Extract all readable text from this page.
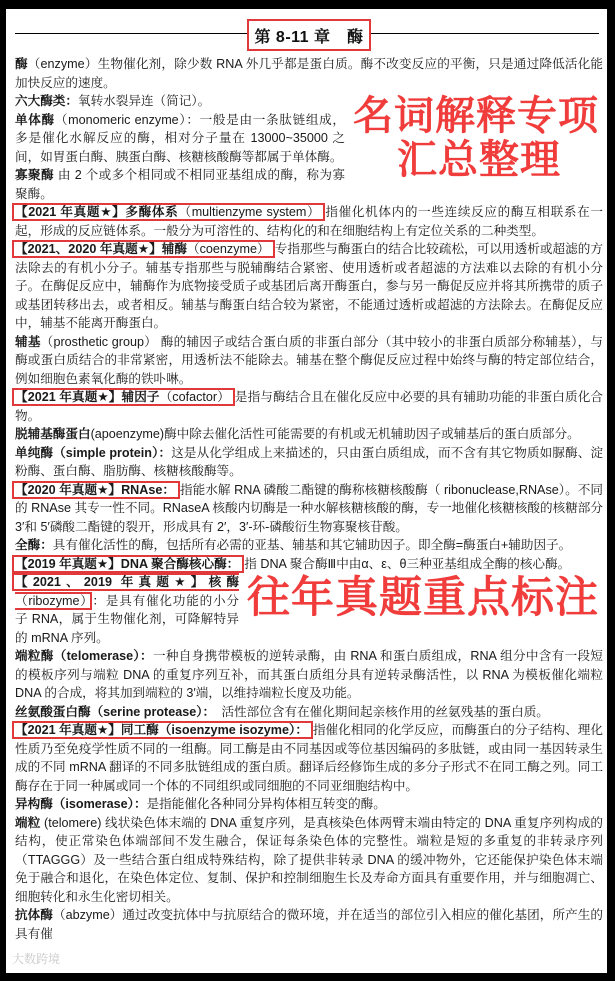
第 8-11 章　酶

酶（enzyme）生物催化剂，除少数 RNA 外几乎都是蛋白质。酶不改变反应的平衡，只是通过降低活化能加快反应的速度。

名词解释专项
汇总整理

六大酶类：氧转水裂异连（简记）。

单体酶（monomeric enzyme）：一般是由一条肽链组成，多是催化水解反应的酶，相对分子量在 13000~35000 之间，如胃蛋白酶、胰蛋白酶、核糖核酸酶等都属于单体酶。

寡聚酶 由 2 个或多个相同或不相同亚基组成的酶，称为寡聚酶。

【2021 年真题★】多酶体系（multienzyme system） 指催化机体内的一些连续反应的酶互相联系在一起，形成的反应链体系。一般分为可溶性的、结构化的和在细胞结构上有定位关系的二种类型。

【2021、2020 年真题★】辅酶（coenzyme） 专指那些与酶蛋白的结合比较疏松，可以用透析或超滤的方法除去的有机小分子。辅基专指那些与脱辅酶结合紧密、使用透析或者超滤的方法难以去除的有机小分子。在酶促反应中，辅酶作为底物接受质子或基团后离开酶蛋白，参与另一酶促反应并将其所携带的质子或基团转移出去，或者相反。辅基与酶蛋白结合较为紧密，不能通过透析或超滤的方法除去。在酶促反应中，辅基不能离开酶蛋白。

辅基（prosthetic group） 酶的辅因子或结合蛋白质的非蛋白部分（其中较小的非蛋白质部分称辅基），与酶或蛋白质结合的非常紧密，用透析法不能除去。辅基在整个酶促反应过程中始终与酶的特定部位结合，例如细胞色素氧化酶的铁卟啉。

【2021 年真题★】辅因子（cofactor） 是指与酶结合且在催化反应中必要的具有辅助功能的非蛋白质化合物。

脱辅基酶蛋白(apoenzyme)酶中除去催化活性可能需要的有机或无机辅助因子或辅基后的蛋白质部分。

单纯酶（simple protein）：这是从化学组成上来描述的，只由蛋白质组成，而不含有其它物质如脲酶、淀粉酶、蛋白酶、脂肪酶、核糖核酸酶等。

【2020 年真题★】RNAse： 指能水解 RNA 磷酸二酯键的酶称核糖核酸酶（ ribonuclease,RNAse）。不同的 RNAse 其专一性不同。RNaseA 核酸内切酶是一种水解核糖核酸的酶，专一地催化核糖核酸的核糖部分 3′和 5′磷酸二酯键的裂开，形成具有 2′，3′-环-磷酸衍生物寡聚核苷酸。

全酶：具有催化活性的酶，包括所有必需的亚基、辅基和其它辅助因子。即全酶=酶蛋白+辅助因子。

【2019 年真题★】DNA 聚合酶核心酶： 指 DNA 聚合酶Ⅲ中由α、ε、θ三种亚基组成全酶的核心酶。

往年真题重点标注

【2021、2019 年真题★】核酶（ribozyme） ：是具有催化功能的小分子 RNA，属于生物催化剂，可降解特异的 mRNA 序列。

端粒酶（telomerase）：一种自身携带模板的逆转录酶，由 RNA 和蛋白质组成，RNA 组分中含有一段短的模板序列与端粒 DNA 的重复序列互补，而其蛋白质组分具有逆转录酶活性，以 RNA 为模板催化端粒 DNA 的合成，将其加到端粒的 3′端，以维持端粒长度及功能。

丝氨酸蛋白酶（serine protease）：　活性部位含有在催化期间起亲核作用的丝氨残基的蛋白质。

【2021 年真题★】同工酶（isoenzyme isozyme）： 指催化相同的化学反应，而酶蛋白的分子结构、理化性质乃至免疫学性质不同的一组酶。同工酶是由不同基因或等位基因编码的多肽链，或由同一基因转录生成的不同 mRNA 翻译的不同多肽链组成的蛋白质。翻译后经修饰生成的多分子形式不在同工酶之列。同工酶存在于同一种属或同一个体的不同组织或同细胞的不同亚细胞结构中。

异构酶（isomerase）：是指能催化各种同分异构体相互转变的酶。

端粒 (telomere) 线状染色体末端的 DNA 重复序列，是真核染色体两臂末端由特定的 DNA 重复序列构成的结构，使正常染色体端部间不发生融合，保证每条染色体的完整性。端粒是短的多重复的非转录序列（TTAGGG）及一些结合蛋白组成特殊结构，除了提供非转录 DNA 的缓冲物外，它还能保护染色体末端免于融合和退化，在染色体定位、复制、保护和控制细胞生长及寿命方面具有重要作用，并与细胞凋亡、细胞转化和永生化密切相关。

抗体酶（abzyme）通过改变抗体中与抗原结合的微环境，并在适当的部位引入相应的催化基团，所产生的具有催

大数跨境
